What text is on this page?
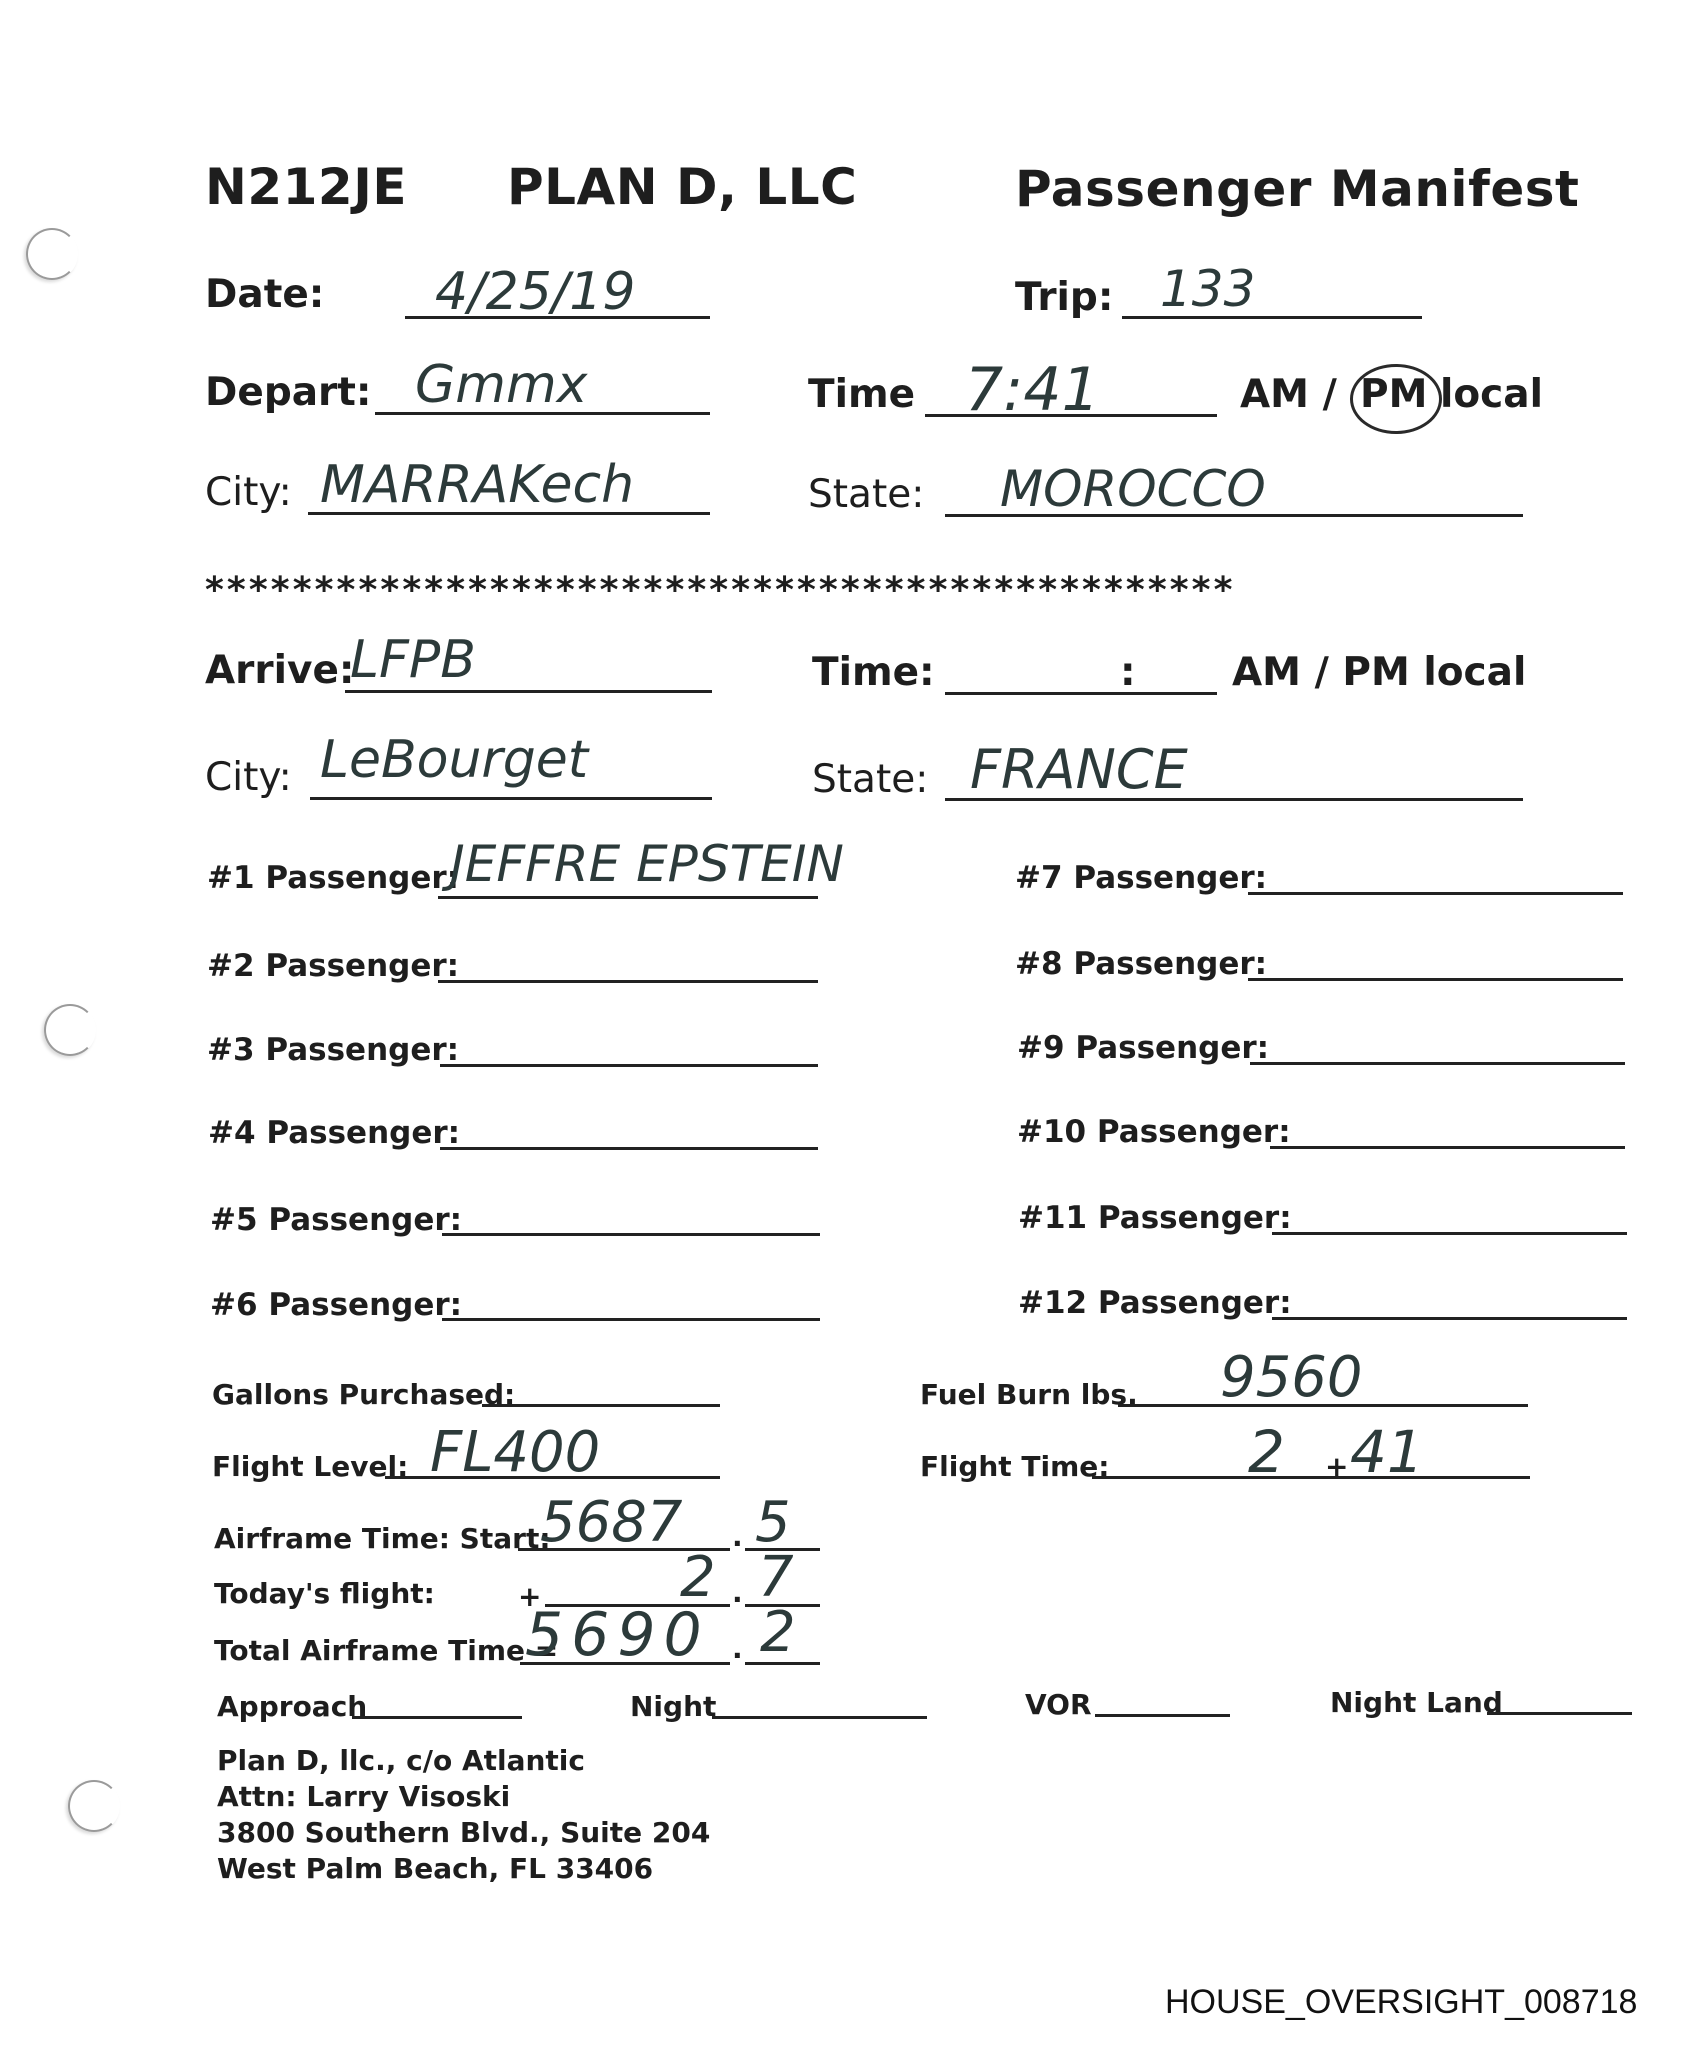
N212JE PLAN D, LLC	Passenger Manifest
Date: 4/25/19	Trip: 133
Depart: Gmmx	Time 7:41	AM / PM local
City: MARRAKech	State: MOROCCO
***********************************************
Arrive:
LFPB	Time:	: AM / PM local
City: LeBourget	State: FRANCE
#1 Passenger:
JEFFRE EPSTEIN
#2 Passenger:
#3 Passenger:
#4 Passenger:
#5 Passenger:
#6 Passenger:
#7 Passenger:
#8 Passenger:
#9 Passenger:
#10 Passenger:
#11 Passenger:
#12 Passenger:
Gallons Purchased:	Fuel Burn lbs. 9560
Flight Level: FL400	Flight Time: 2 + 41
Airframe Time: Start:
5687 . 5
Today's flight:	+ 2 . 7
Total Airframe Time =
5690 . 2
Approach	Night	VOR	Night Land
Plan D, llc., c/o Atlantic
Attn: Larry Visoski
3800 Southern Blvd., Suite 204
West Palm Beach, FL 33406
HOUSE_OVERSIGHT_008718
